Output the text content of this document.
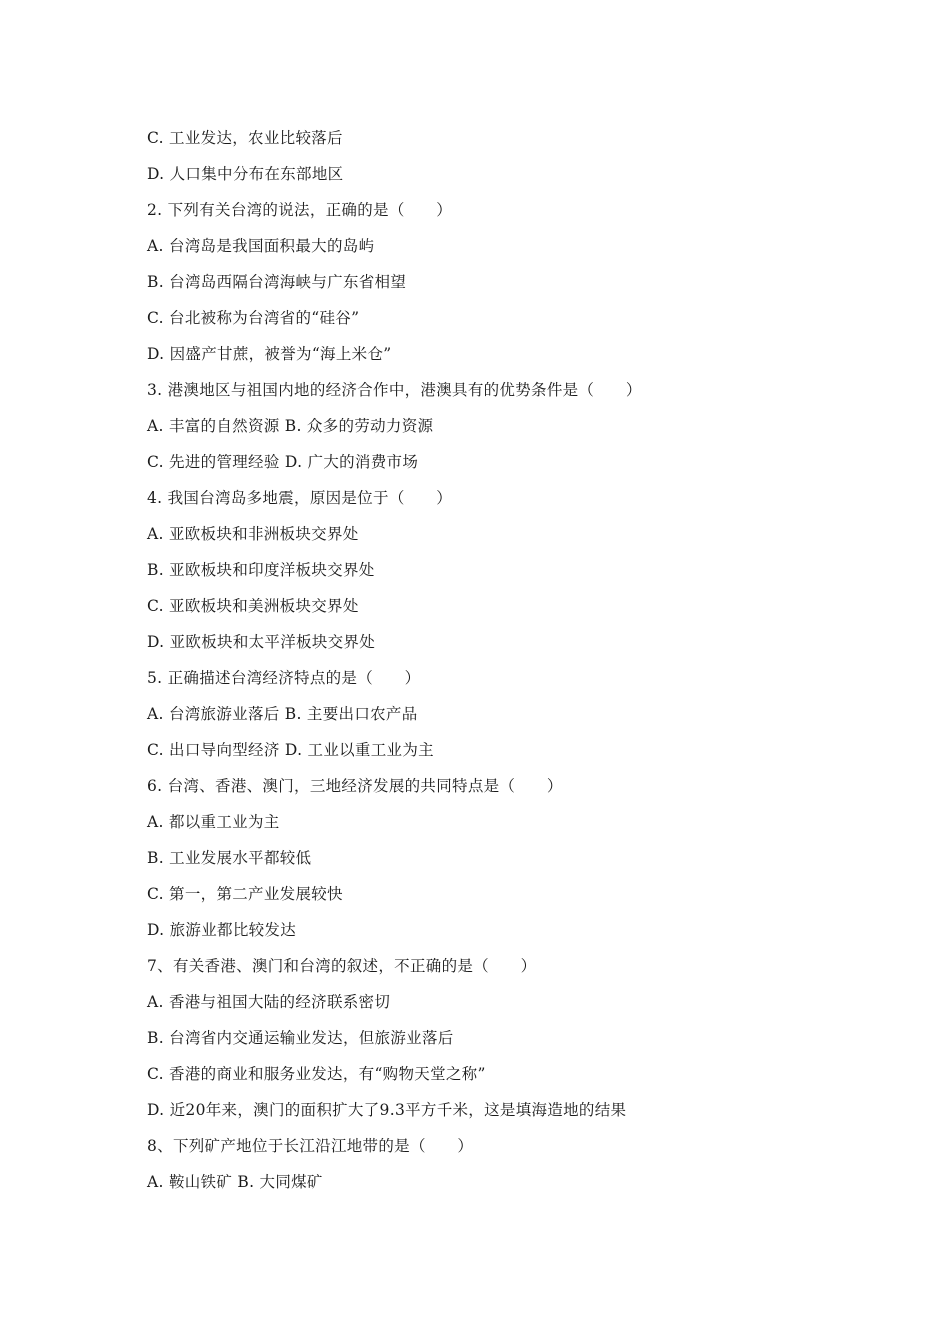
C. 工业发达，农业比较落后
D. 人口集中分布在东部地区
2. 下列有关台湾的说法，正确的是（　　）
A. 台湾岛是我国面积最大的岛屿
B. 台湾岛西隔台湾海峡与广东省相望
C. 台北被称为台湾省的“硅谷”
D. 因盛产甘蔗，被誉为“海上米仓”
3. 港澳地区与祖国内地的经济合作中，港澳具有的优势条件是（　　）
A. 丰富的自然资源 B. 众多的劳动力资源
C. 先进的管理经验 D. 广大的消费市场
4. 我国台湾岛多地震，原因是位于（　　）
A. 亚欧板块和非洲板块交界处
B. 亚欧板块和印度洋板块交界处
C. 亚欧板块和美洲板块交界处
D. 亚欧板块和太平洋板块交界处
5. 正确描述台湾经济特点的是（　　）
A. 台湾旅游业落后 B. 主要出口农产品
C. 出口导向型经济 D. 工业以重工业为主
6. 台湾、香港、澳门，三地经济发展的共同特点是（　　）
A. 都以重工业为主
B. 工业发展水平都较低
C. 第一，第二产业发展较快
D. 旅游业都比较发达
7、有关香港、澳门和台湾的叙述，不正确的是（　　）
A. 香港与祖国大陆的经济联系密切
B. 台湾省内交通运输业发达，但旅游业落后
C. 香港的商业和服务业发达，有“购物天堂之称”
D. 近20年来，澳门的面积扩大了9.3平方千米，这是填海造地的结果
8、下列矿产地位于长江沿江地带的是（　　）
A. 鞍山铁矿 B. 大同煤矿
